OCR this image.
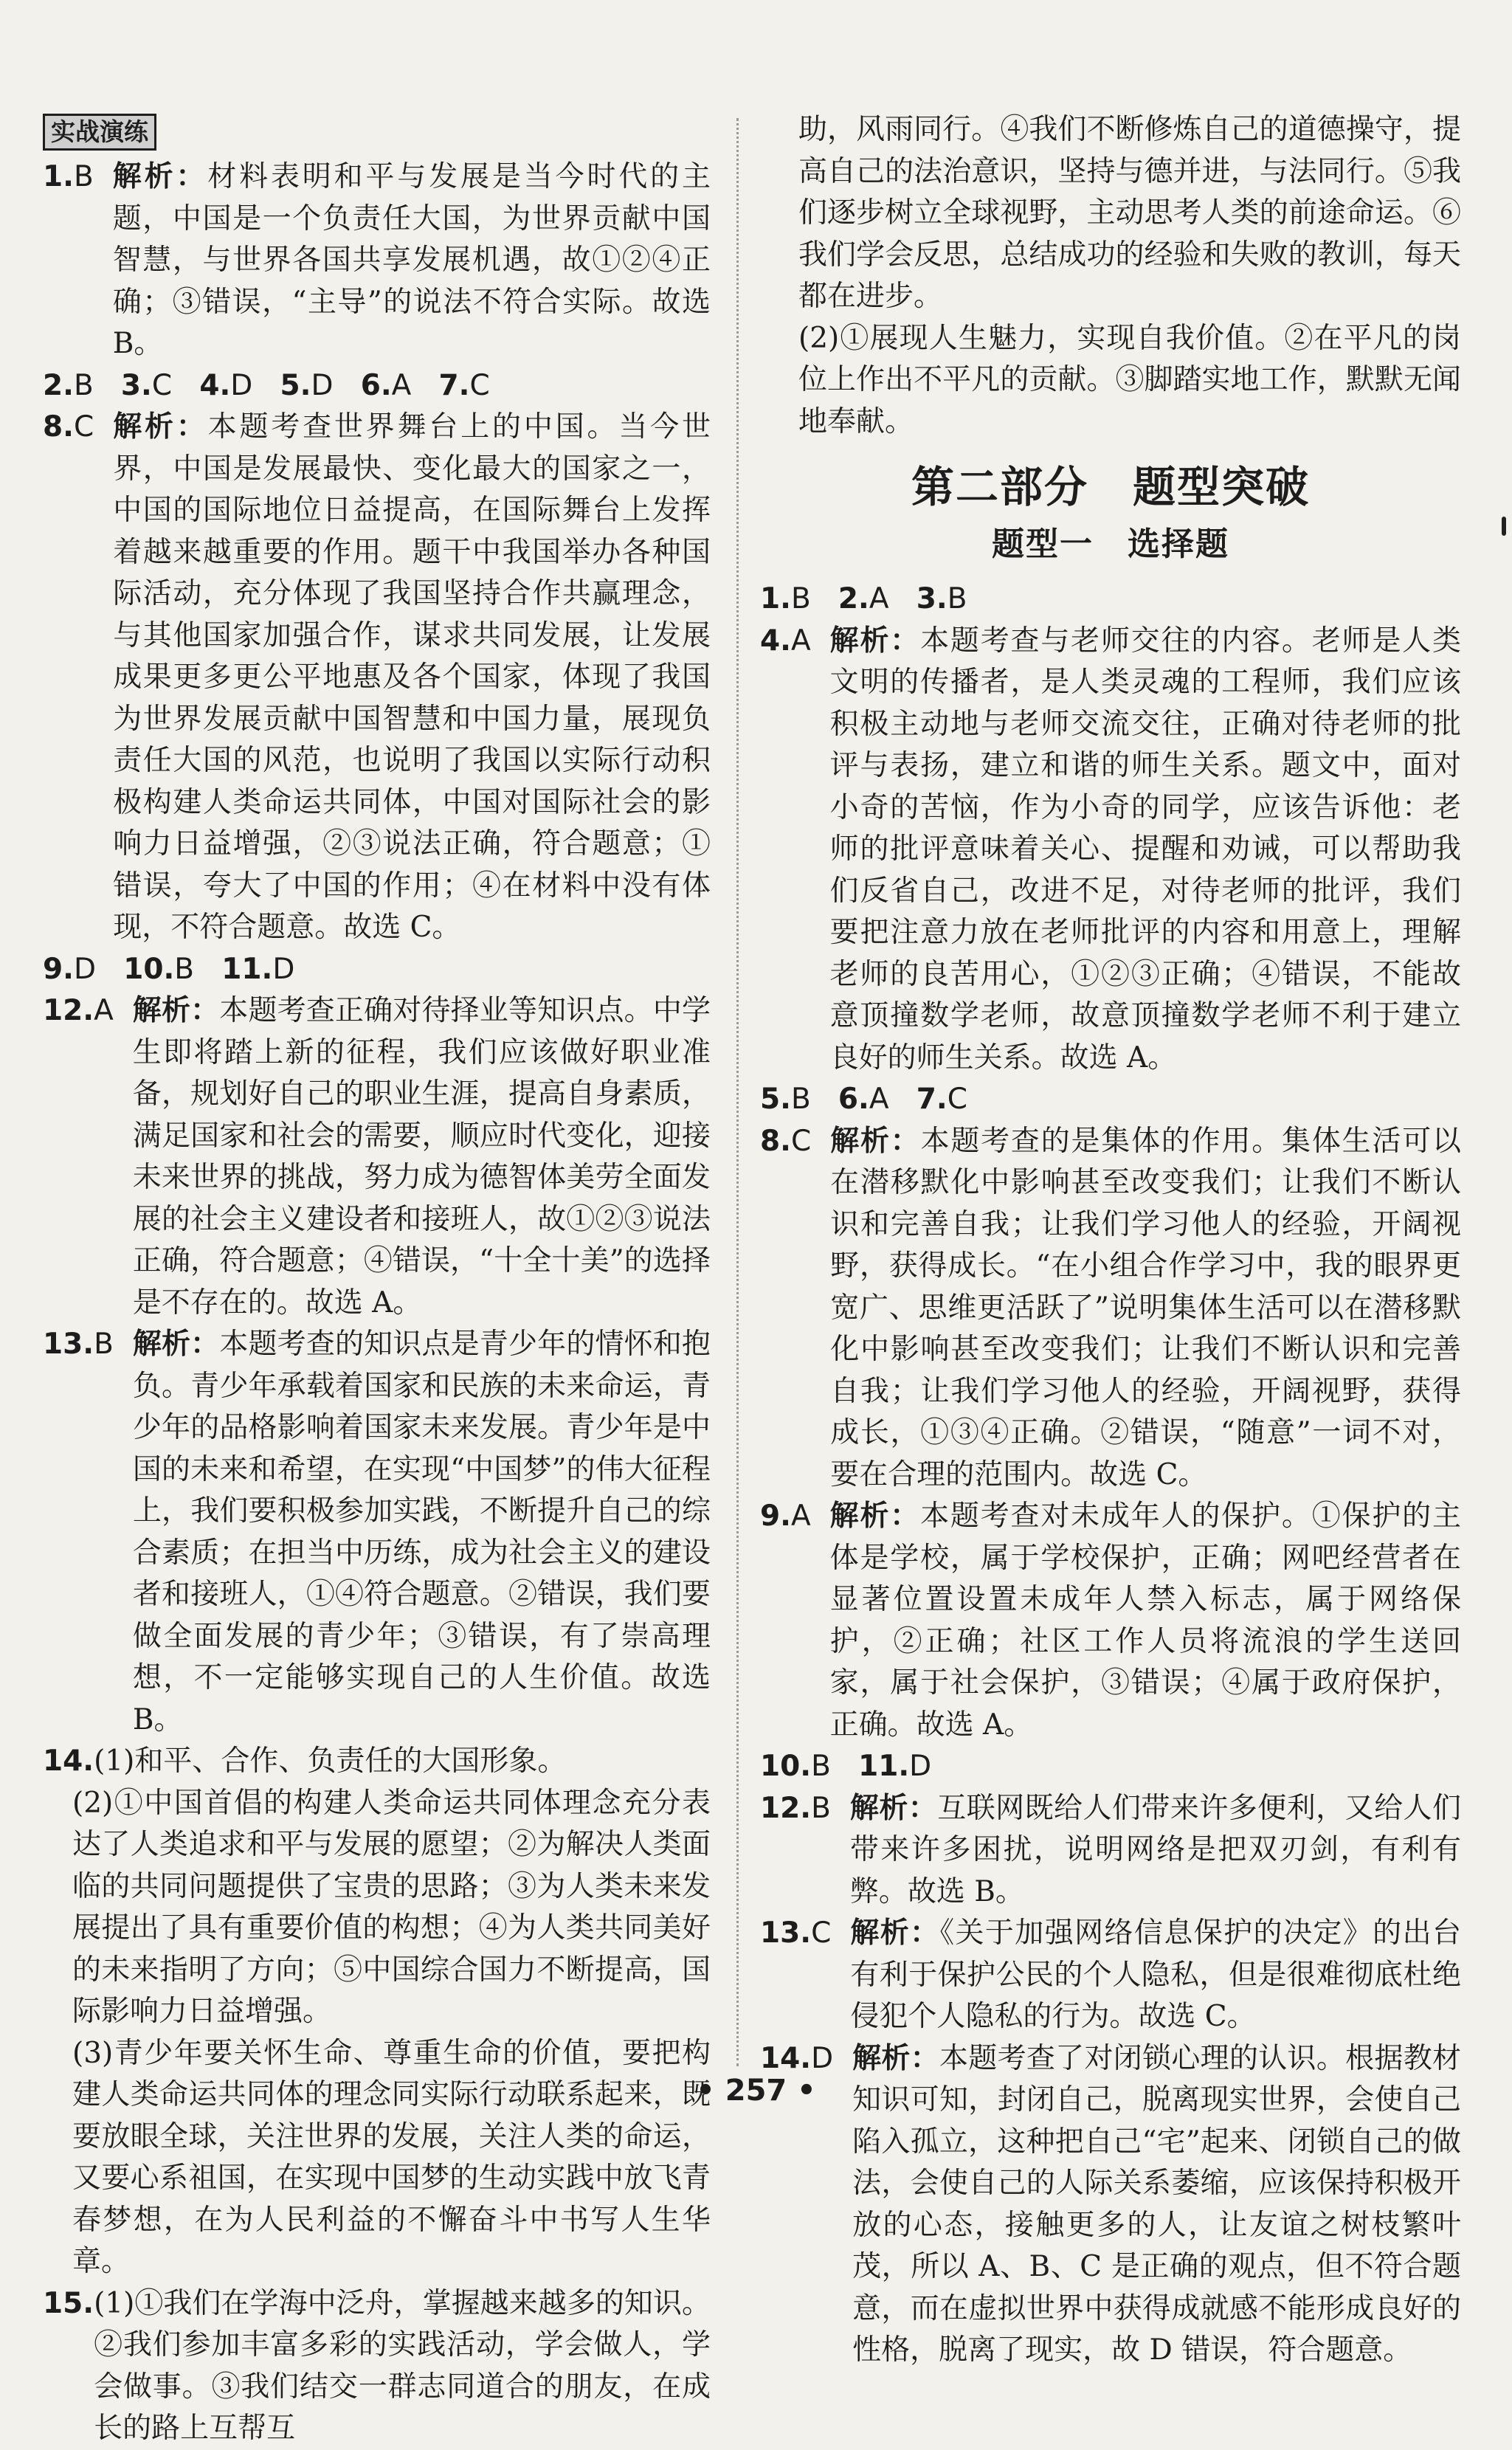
实战演练
1. B 解析：材料表明和平与发展是当今时代的主题，中国是一个负责任大国，为世界贡献中国智慧，与世界各国共享发展机遇，故①②④正确；③错误，“主导”的说法不符合实际。故选 B。
2.B 3.C 4.D 5.D 6.A 7.C
8. C 解析：本题考查世界舞台上的中国。当今世界，中国是发展最快、变化最大的国家之一，中国的国际地位日益提高，在国际舞台上发挥着越来越重要的作用。题干中我国举办各种国际活动，充分体现了我国坚持合作共赢理念，与其他国家加强合作，谋求共同发展，让发展成果更多更公平地惠及各个国家，体现了我国为世界发展贡献中国智慧和中国力量，展现负责任大国的风范，也说明了我国以实际行动积极构建人类命运共同体，中国对国际社会的影响力日益增强，②③说法正确，符合题意；①错误，夸大了中国的作用；④在材料中没有体现，不符合题意。故选 C。
9.D 10.B 11.D
12. A 解析：本题考查正确对待择业等知识点。中学生即将踏上新的征程，我们应该做好职业准备，规划好自己的职业生涯，提高自身素质，满足国家和社会的需要，顺应时代变化，迎接未来世界的挑战，努力成为德智体美劳全面发展的社会主义建设者和接班人，故①②③说法正确，符合题意；④错误，“十全十美”的选择是不存在的。故选 A。
13. B 解析：本题考查的知识点是青少年的情怀和抱负。青少年承载着国家和民族的未来命运，青少年的品格影响着国家未来发展。青少年是中国的未来和希望，在实现“中国梦”的伟大征程上，我们要积极参加实践，不断提升自己的综合素质；在担当中历练，成为社会主义的建设者和接班人，①④符合题意。②错误，我们要做全面发展的青少年；③错误，有了崇高理想，不一定能够实现自己的人生价值。故选 B。
14. (1)和平、合作、负责任的大国形象。
(2)①中国首倡的构建人类命运共同体理念充分表达了人类追求和平与发展的愿望；②为解决人类面临的共同问题提供了宝贵的思路；③为人类未来发展提出了具有重要价值的构想；④为人类共同美好的未来指明了方向；⑤中国综合国力不断提高，国际影响力日益增强。
(3)青少年要关怀生命、尊重生命的价值，要把构建人类命运共同体的理念同实际行动联系起来，既要放眼全球，关注世界的发展，关注人类的命运，又要心系祖国，在实现中国梦的生动实践中放飞青春梦想，在为人民利益的不懈奋斗中书写人生华章。
15. (1)①我们在学海中泛舟，掌握越来越多的知识。②我们参加丰富多彩的实践活动，学会做人，学会做事。③我们结交一群志同道合的朋友，在成长的路上互帮互
助，风雨同行。④我们不断修炼自己的道德操守，提高自己的法治意识，坚持与德并进，与法同行。⑤我们逐步树立全球视野，主动思考人类的前途命运。⑥我们学会反思，总结成功的经验和失败的教训，每天都在进步。
(2)①展现人生魅力，实现自我价值。②在平凡的岗位上作出不平凡的贡献。③脚踏实地工作，默默无闻地奉献。
第二部分　题型突破
题型一　选择题
1.B 2.A 3.B
4. A 解析：本题考查与老师交往的内容。老师是人类文明的传播者，是人类灵魂的工程师，我们应该积极主动地与老师交流交往，正确对待老师的批评与表扬，建立和谐的师生关系。题文中，面对小奇的苦恼，作为小奇的同学，应该告诉他：老师的批评意味着关心、提醒和劝诫，可以帮助我们反省自己，改进不足，对待老师的批评，我们要把注意力放在老师批评的内容和用意上，理解老师的良苦用心，①②③正确；④错误，不能故意顶撞数学老师，故意顶撞数学老师不利于建立良好的师生关系。故选 A。
5.B 6.A 7.C
8. C 解析：本题考查的是集体的作用。集体生活可以在潜移默化中影响甚至改变我们；让我们不断认识和完善自我；让我们学习他人的经验，开阔视野，获得成长。“在小组合作学习中，我的眼界更宽广、思维更活跃了”说明集体生活可以在潜移默化中影响甚至改变我们；让我们不断认识和完善自我；让我们学习他人的经验，开阔视野，获得成长，①③④正确。②错误，“随意”一词不对，要在合理的范围内。故选 C。
9. A 解析：本题考查对未成年人的保护。①保护的主体是学校，属于学校保护，正确；网吧经营者在显著位置设置未成年人禁入标志，属于网络保护，②正确；社区工作人员将流浪的学生送回家，属于社会保护，③错误；④属于政府保护，正确。故选 A。
10.B 11.D
12. B 解析：互联网既给人们带来许多便利，又给人们带来许多困扰，说明网络是把双刃剑，有利有弊。故选 B。
13. C 解析：《关于加强网络信息保护的决定》的出台有利于保护公民的个人隐私，但是很难彻底杜绝侵犯个人隐私的行为。故选 C。
14. D 解析：本题考查了对闭锁心理的认识。根据教材知识可知，封闭自己，脱离现实世界，会使自己陷入孤立，这种把自己“宅”起来、闭锁自己的做法，会使自己的人际关系萎缩，应该保持积极开放的心态，接触更多的人，让友谊之树枝繁叶茂，所以 A、B、C 是正确的观点，但不符合题意，而在虚拟世界中获得成就感不能形成良好的性格，脱离了现实，故 D 错误，符合题意。
• 257 •
